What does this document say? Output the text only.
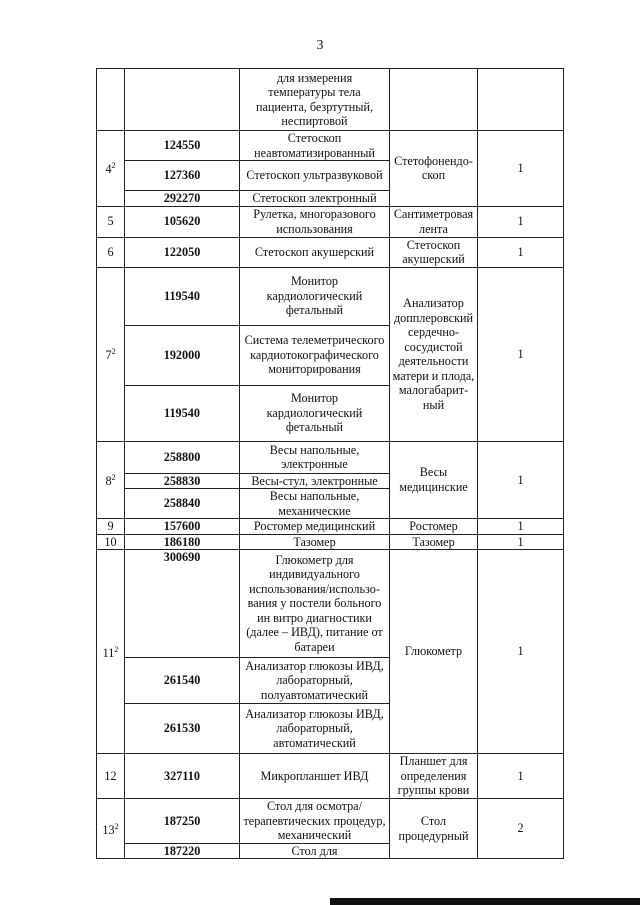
3
		для измерения температуры тела пациента, безртутный, неспиртовой		
$4^2$	124550	Стетоскоп неавтоматизированный	Стетофонендо-скоп	1
	127360	Стетоскоп ультразвуковой		
	292270	Стетоскоп электронный		
5	105620	Рулетка, многоразового использования	Сантиметровая лента	1
6	122050	Стетоскоп акушерский	Стетоскоп акушерский	1
$7^2$	119540	Монитор кардиологический фетальный	Анализатор допплеровский сердечно-сосудистой деятельности матери и плода, малогабарит-ный	1
	192000	Система телеметрического кардиотокографического мониторирования		
	119540	Монитор кардиологический фетальный		
$8^2$	258800	Весы напольные, электронные	Весы медицинские	1
	258830	Весы-стул, электронные		
	258840	Весы напольные, механические		
9	157600	Ростомер медицинский	Ростомер	1
10	186180	Тазомер	Тазомер	1
$11^2$	300690	Глюкометр для индивидуального использования/использо-вания у постели больного ин витро диагностики (далее – ИВД), питание от батареи	Глюкометр	1
	261540	Анализатор глюкозы ИВД, лабораторный, полуавтоматический		
	261530	Анализатор глюкозы ИВД, лабораторный, автоматический		
12	327110	Микропланшет ИВД	Планшет для определения группы крови	1
$13^2$	187250	Стол для осмотра/терапевтических процедур, механический	Стол процедурный	2
	187220	Стол для		
